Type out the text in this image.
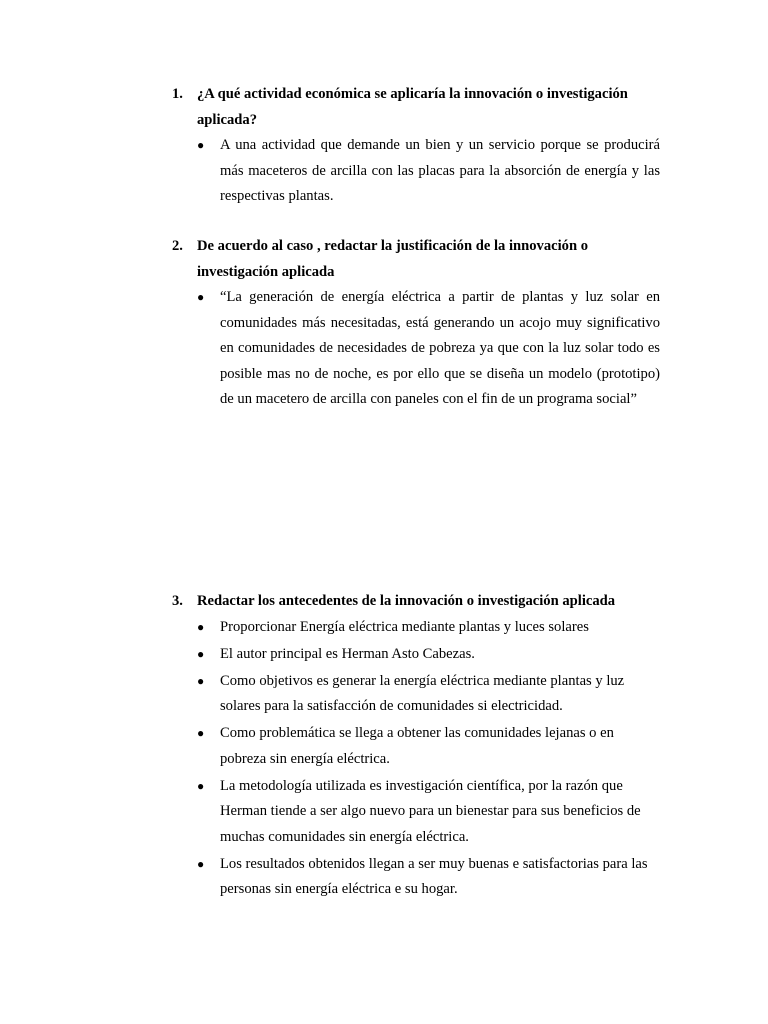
1. ¿A qué actividad económica se aplicaría la innovación o investigación aplicada?
●	A una actividad que demande un bien y un servicio porque se producirá más maceteros de arcilla con las placas para la absorción de energía y las respectivas plantas.
2. De acuerdo al caso , redactar la justificación de la innovación o investigación aplicada
●	“La generación de energía eléctrica a partir de plantas y luz solar en comunidades más necesitadas, está generando un acojo muy significativo en comunidades de necesidades de pobreza ya que con la luz solar todo es posible mas no de noche, es por ello que se diseña un modelo (prototipo) de un macetero de arcilla con paneles con el fin de un programa social”
3. Redactar los antecedentes de la innovación o investigación aplicada
●	Proporcionar Energía eléctrica mediante plantas y luces solares
●	El autor principal es Herman Asto Cabezas.
●	Como objetivos es generar la energía eléctrica mediante plantas y luz solares para la satisfacción de comunidades si electricidad.
●	Como problemática se llega a obtener las comunidades lejanas o en pobreza sin energía eléctrica.
●	La metodología utilizada es investigación científica, por la razón que Herman tiende a ser algo nuevo para un bienestar para sus beneficios de muchas comunidades sin energía eléctrica.
●	Los resultados obtenidos llegan a ser muy buenas e satisfactorias para las personas sin energía eléctrica e su hogar.
